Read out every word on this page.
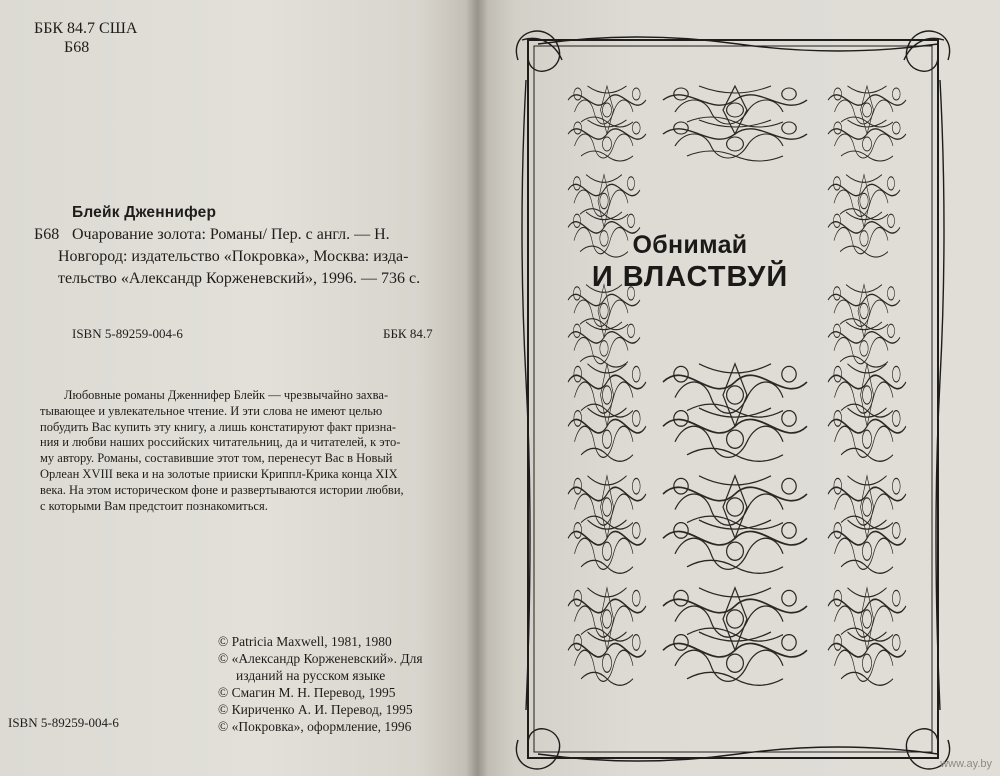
ББК 84.7 США
Б68
Блейк Дженнифер
Б68 Очарование золота: Романы/ Пер. с англ. — Н.
Новгород: издательство «Покровка», Москва: изда-
тельство «Александр Корженевский», 1996. — 736 с.
ISBN 5-89259-004-6	ББК 84.7
Любовные романы Дженнифер Блейк — чрезвычайно захва-
тывающее и увлекательное чтение. И эти слова не имеют целью
побудить Вас купить эту книгу, а лишь констатируют факт призна-
ния и любви наших российских читательниц, да и читателей, к это-
му автору. Романы, составившие этот том, перенесут Вас в Новый
Орлеан XVIII века и на золотые прииски Криппл-Крика конца XIX
века. На этом историческом фоне и развертываются истории любви,
с которыми Вам предстоит познакомиться.
© Patricia Maxwell, 1981, 1980
© «Александр Корженевский». Для
изданий на русском языке
© Смагин М. Н. Перевод, 1995
© Кириченко А. И. Перевод, 1995
© «Покровка», оформление, 1996
ISBN 5-89259-004-6
Обнимай
И ВЛАСТВУЙ
www.ay.by
